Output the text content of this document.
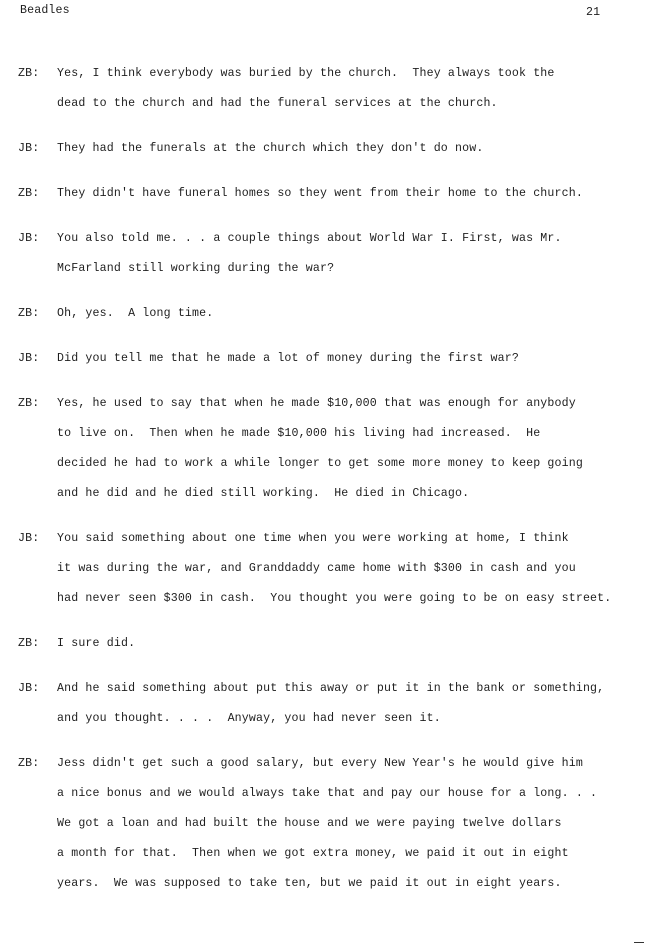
Beadles	21
ZB: Yes, I think everybody was buried by the church.  They always took the
dead to the church and had the funeral services at the church.
JB: They had the funerals at the church which they don't do now.
ZB: They didn't have funeral homes so they went from their home to the church.
JB: You also told me. . . a couple things about World War I. First, was Mr.
McFarland still working during the war?
ZB: Oh, yes.  A long time.
JB: Did you tell me that he made a lot of money during the first war?
ZB: Yes, he used to say that when he made $10,000 that was enough for anybody
to live on.  Then when he made $10,000 his living had increased.  He
decided he had to work a while longer to get some more money to keep going
and he did and he died still working.  He died in Chicago.
JB: You said something about one time when you were working at home, I think
it was during the war, and Granddaddy came home with $300 in cash and you
had never seen $300 in cash.  You thought you were going to be on easy street.
ZB: I sure did.
JB: And he said something about put this away or put it in the bank or something,
and you thought. . . .  Anyway, you had never seen it.
ZB: Jess didn't get such a good salary, but every New Year's he would give him
a nice bonus and we would always take that and pay our house for a long. . .
We got a loan and had built the house and we were paying twelve dollars
a month for that.  Then when we got extra money, we paid it out in eight
years.  We was supposed to take ten, but we paid it out in eight years.
